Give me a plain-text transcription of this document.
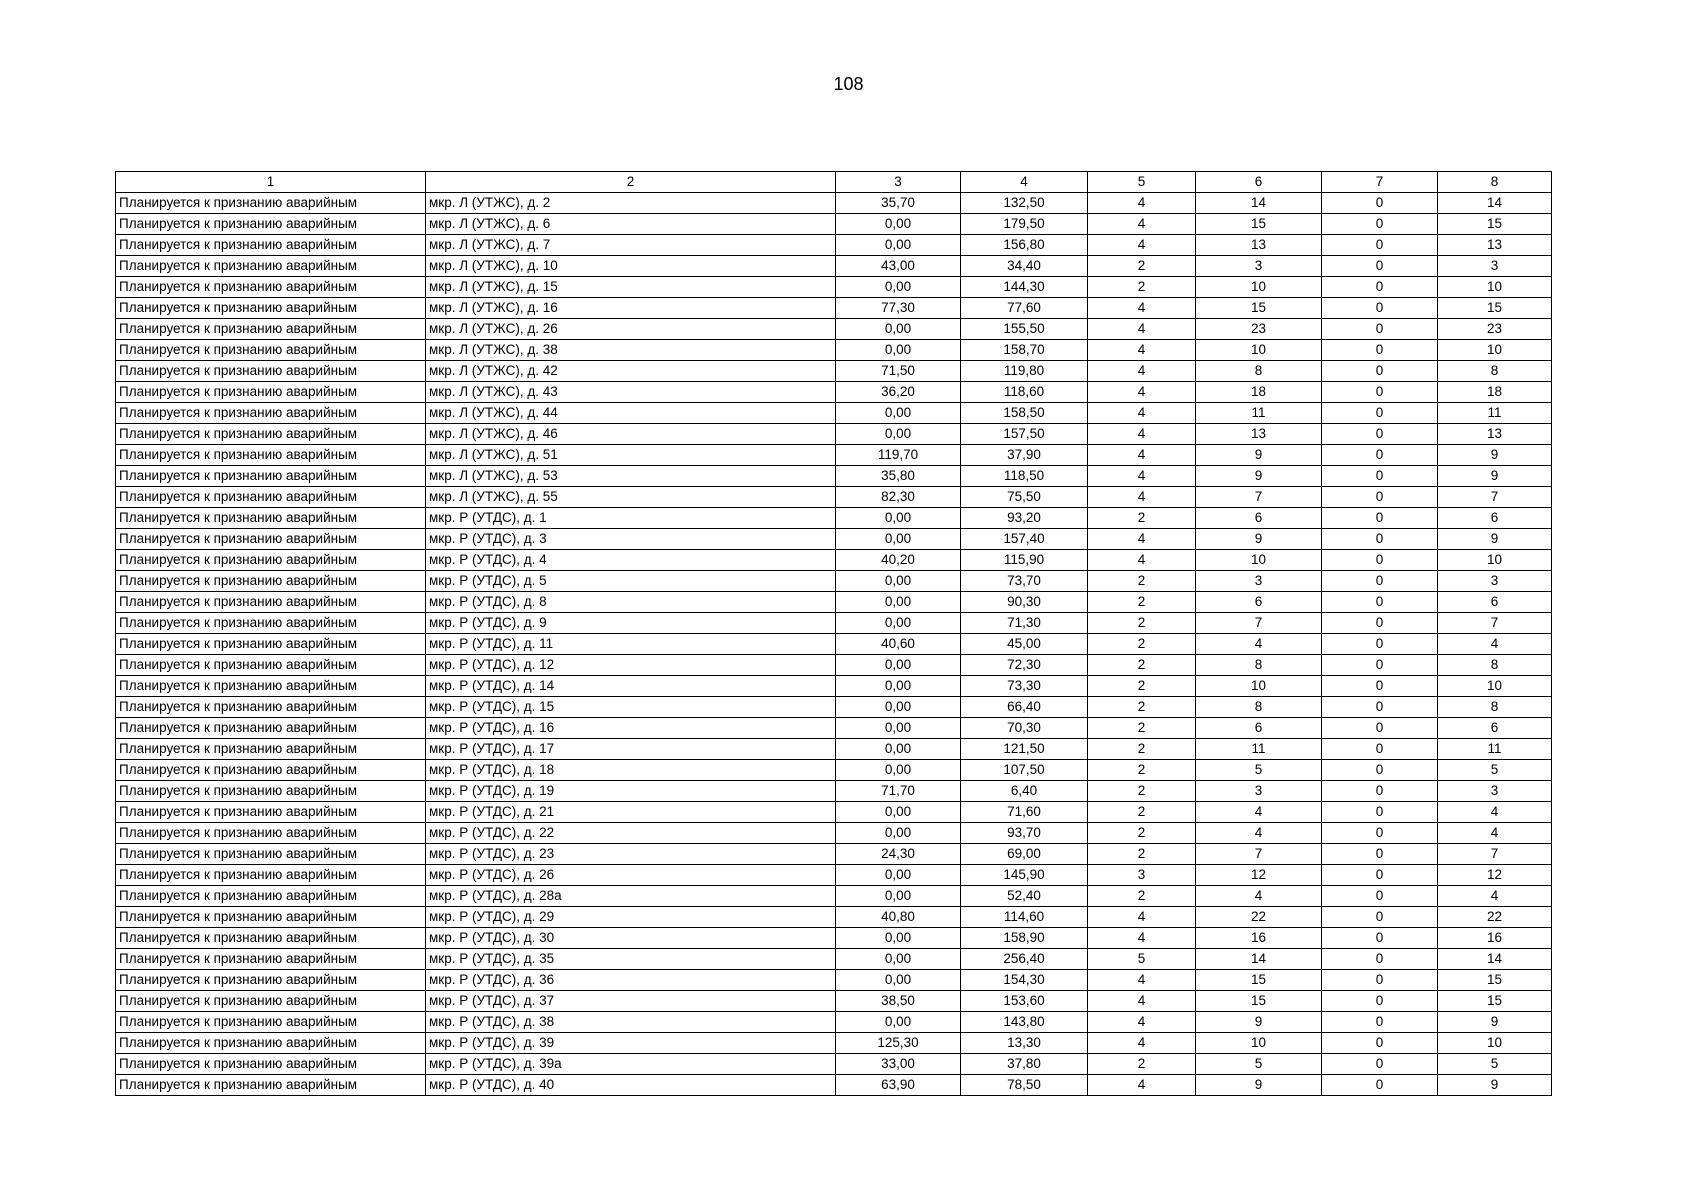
108
1	2	3	4	5	6	7	8
Планируется к признанию аварийным	мкр. Л (УТЖС), д. 2	35,70	132,50	4	14	0	14
Планируется к признанию аварийным	мкр. Л (УТЖС), д. 6	0,00	179,50	4	15	0	15
Планируется к признанию аварийным	мкр. Л (УТЖС), д. 7	0,00	156,80	4	13	0	13
Планируется к признанию аварийным	мкр. Л (УТЖС), д. 10	43,00	34,40	2	3	0	3
Планируется к признанию аварийным	мкр. Л (УТЖС), д. 15	0,00	144,30	2	10	0	10
Планируется к признанию аварийным	мкр. Л (УТЖС), д. 16	77,30	77,60	4	15	0	15
Планируется к признанию аварийным	мкр. Л (УТЖС), д. 26	0,00	155,50	4	23	0	23
Планируется к признанию аварийным	мкр. Л (УТЖС), д. 38	0,00	158,70	4	10	0	10
Планируется к признанию аварийным	мкр. Л (УТЖС), д. 42	71,50	119,80	4	8	0	8
Планируется к признанию аварийным	мкр. Л (УТЖС), д. 43	36,20	118,60	4	18	0	18
Планируется к признанию аварийным	мкр. Л (УТЖС), д. 44	0,00	158,50	4	11	0	11
Планируется к признанию аварийным	мкр. Л (УТЖС), д. 46	0,00	157,50	4	13	0	13
Планируется к признанию аварийным	мкр. Л (УТЖС), д. 51	119,70	37,90	4	9	0	9
Планируется к признанию аварийным	мкр. Л (УТЖС), д. 53	35,80	118,50	4	9	0	9
Планируется к признанию аварийным	мкр. Л (УТЖС), д. 55	82,30	75,50	4	7	0	7
Планируется к признанию аварийным	мкр. Р (УТДС), д. 1	0,00	93,20	2	6	0	6
Планируется к признанию аварийным	мкр. Р (УТДС), д. 3	0,00	157,40	4	9	0	9
Планируется к признанию аварийным	мкр. Р (УТДС), д. 4	40,20	115,90	4	10	0	10
Планируется к признанию аварийным	мкр. Р (УТДС), д. 5	0,00	73,70	2	3	0	3
Планируется к признанию аварийным	мкр. Р (УТДС), д. 8	0,00	90,30	2	6	0	6
Планируется к признанию аварийным	мкр. Р (УТДС), д. 9	0,00	71,30	2	7	0	7
Планируется к признанию аварийным	мкр. Р (УТДС), д. 11	40,60	45,00	2	4	0	4
Планируется к признанию аварийным	мкр. Р (УТДС), д. 12	0,00	72,30	2	8	0	8
Планируется к признанию аварийным	мкр. Р (УТДС), д. 14	0,00	73,30	2	10	0	10
Планируется к признанию аварийным	мкр. Р (УТДС), д. 15	0,00	66,40	2	8	0	8
Планируется к признанию аварийным	мкр. Р (УТДС), д. 16	0,00	70,30	2	6	0	6
Планируется к признанию аварийным	мкр. Р (УТДС), д. 17	0,00	121,50	2	11	0	11
Планируется к признанию аварийным	мкр. Р (УТДС), д. 18	0,00	107,50	2	5	0	5
Планируется к признанию аварийным	мкр. Р (УТДС), д. 19	71,70	6,40	2	3	0	3
Планируется к признанию аварийным	мкр. Р (УТДС), д. 21	0,00	71,60	2	4	0	4
Планируется к признанию аварийным	мкр. Р (УТДС), д. 22	0,00	93,70	2	4	0	4
Планируется к признанию аварийным	мкр. Р (УТДС), д. 23	24,30	69,00	2	7	0	7
Планируется к признанию аварийным	мкр. Р (УТДС), д. 26	0,00	145,90	3	12	0	12
Планируется к признанию аварийным	мкр. Р (УТДС), д. 28а	0,00	52,40	2	4	0	4
Планируется к признанию аварийным	мкр. Р (УТДС), д. 29	40,80	114,60	4	22	0	22
Планируется к признанию аварийным	мкр. Р (УТДС), д. 30	0,00	158,90	4	16	0	16
Планируется к признанию аварийным	мкр. Р (УТДС), д. 35	0,00	256,40	5	14	0	14
Планируется к признанию аварийным	мкр. Р (УТДС), д. 36	0,00	154,30	4	15	0	15
Планируется к признанию аварийным	мкр. Р (УТДС), д. 37	38,50	153,60	4	15	0	15
Планируется к признанию аварийным	мкр. Р (УТДС), д. 38	0,00	143,80	4	9	0	9
Планируется к признанию аварийным	мкр. Р (УТДС), д. 39	125,30	13,30	4	10	0	10
Планируется к признанию аварийным	мкр. Р (УТДС), д. 39а	33,00	37,80	2	5	0	5
Планируется к признанию аварийным	мкр. Р (УТДС), д. 40	63,90	78,50	4	9	0	9
